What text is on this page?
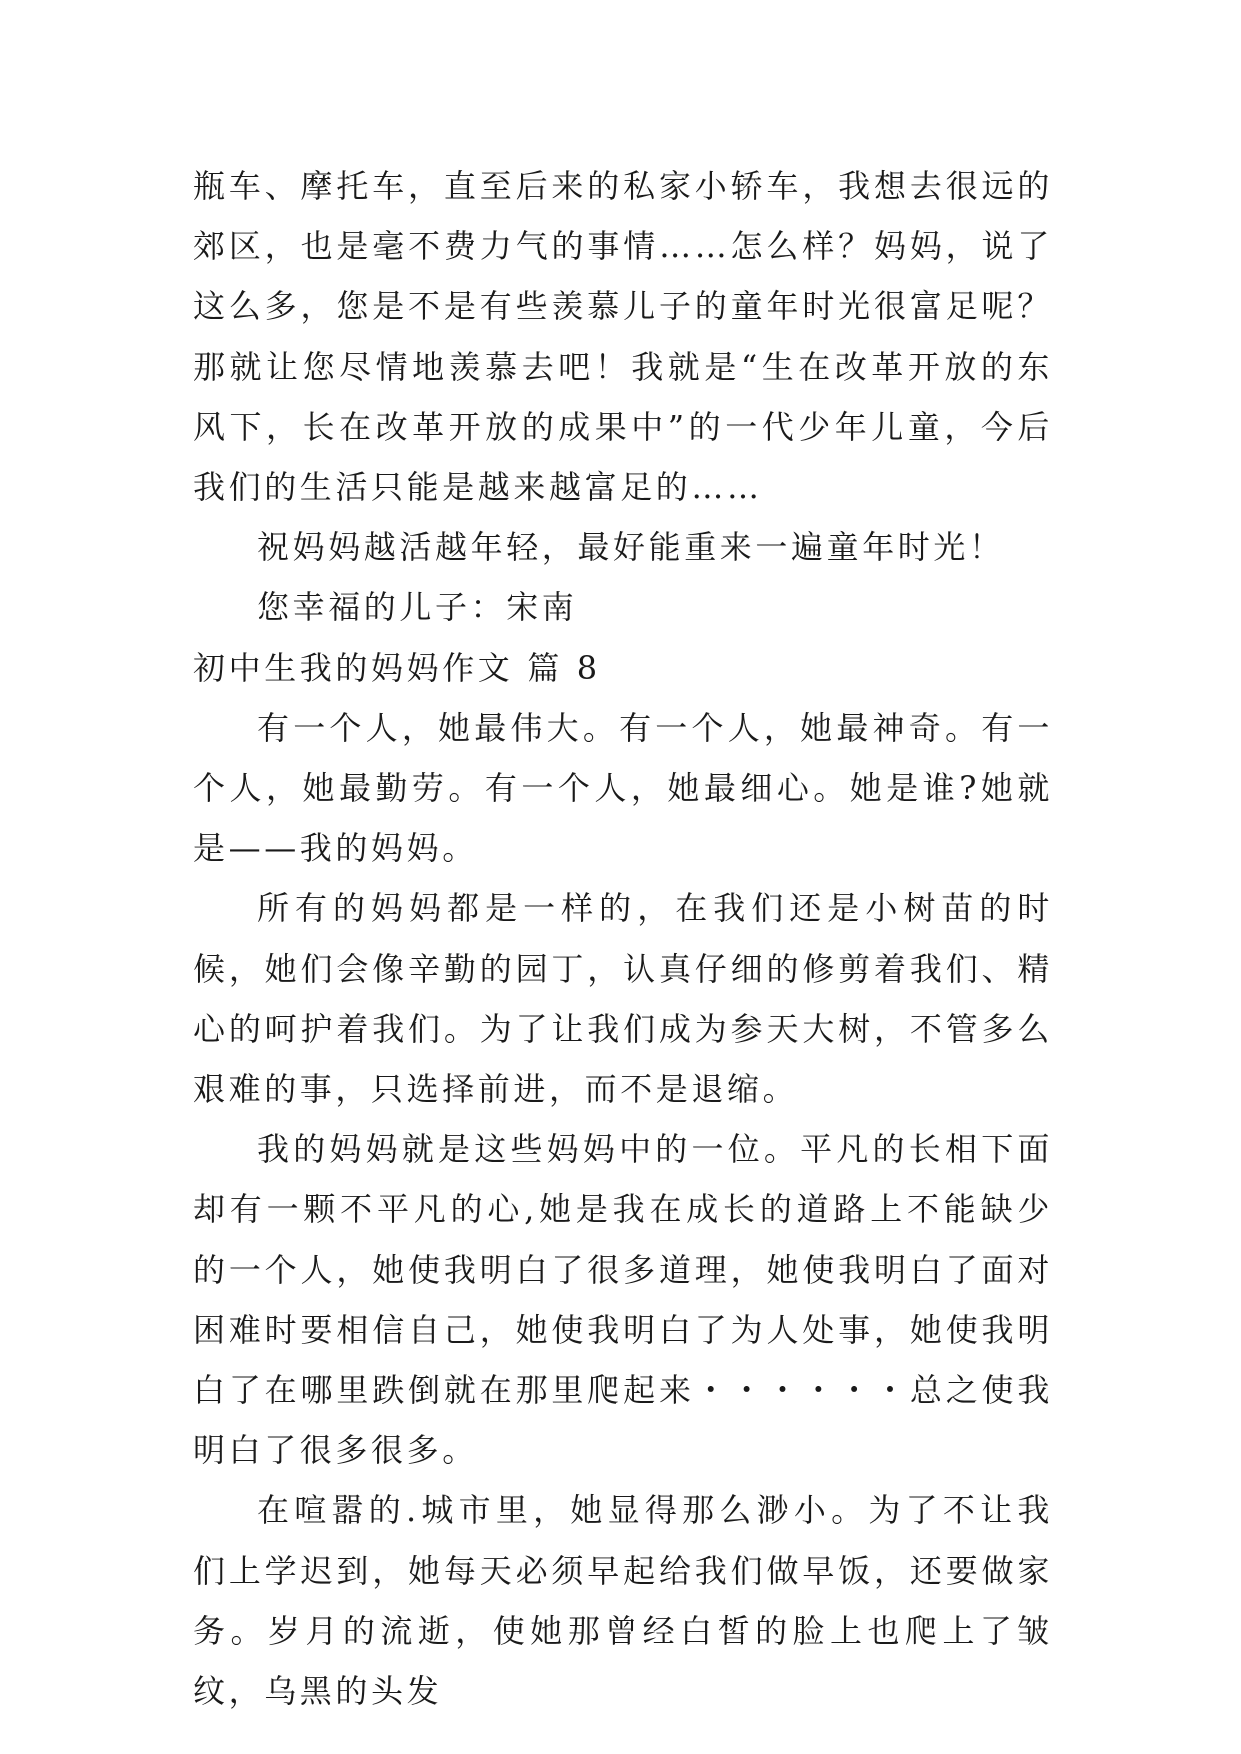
瓶车、摩托车，直至后来的私家小轿车，我想去很远的郊区，也是毫不费力气的事情……怎么样？妈妈，说了这么多，您是不是有些羡慕儿子的童年时光很富足呢？那就让您尽情地羡慕去吧！我就是“生在改革开放的东风下，长在改革开放的成果中”的一代少年儿童，今后我们的生活只能是越来越富足的……

祝妈妈越活越年轻，最好能重来一遍童年时光！

您幸福的儿子：宋南

初中生我的妈妈作文 篇 8

有一个人，她最伟大。有一个人，她最神奇。有一个人，她最勤劳。有一个人，她最细心。她是谁?她就是——我的妈妈。

所有的妈妈都是一样的，在我们还是小树苗的时候，她们会像辛勤的园丁，认真仔细的修剪着我们、精心的呵护着我们。为了让我们成为参天大树，不管多么艰难的事，只选择前进，而不是退缩。

我的妈妈就是这些妈妈中的一位。平凡的长相下面却有一颗不平凡的心,她是我在成长的道路上不能缺少的一个人，她使我明白了很多道理，她使我明白了面对困难时要相信自己，她使我明白了为人处事，她使我明白了在哪里跌倒就在那里爬起来・・・・・・总之使我明白了很多很多。

在喧嚣的.城市里，她显得那么渺小。为了不让我们上学迟到，她每天必须早起给我们做早饭，还要做家务。岁月的流逝，使她那曾经白皙的脸上也爬上了皱纹，乌黑的头发
